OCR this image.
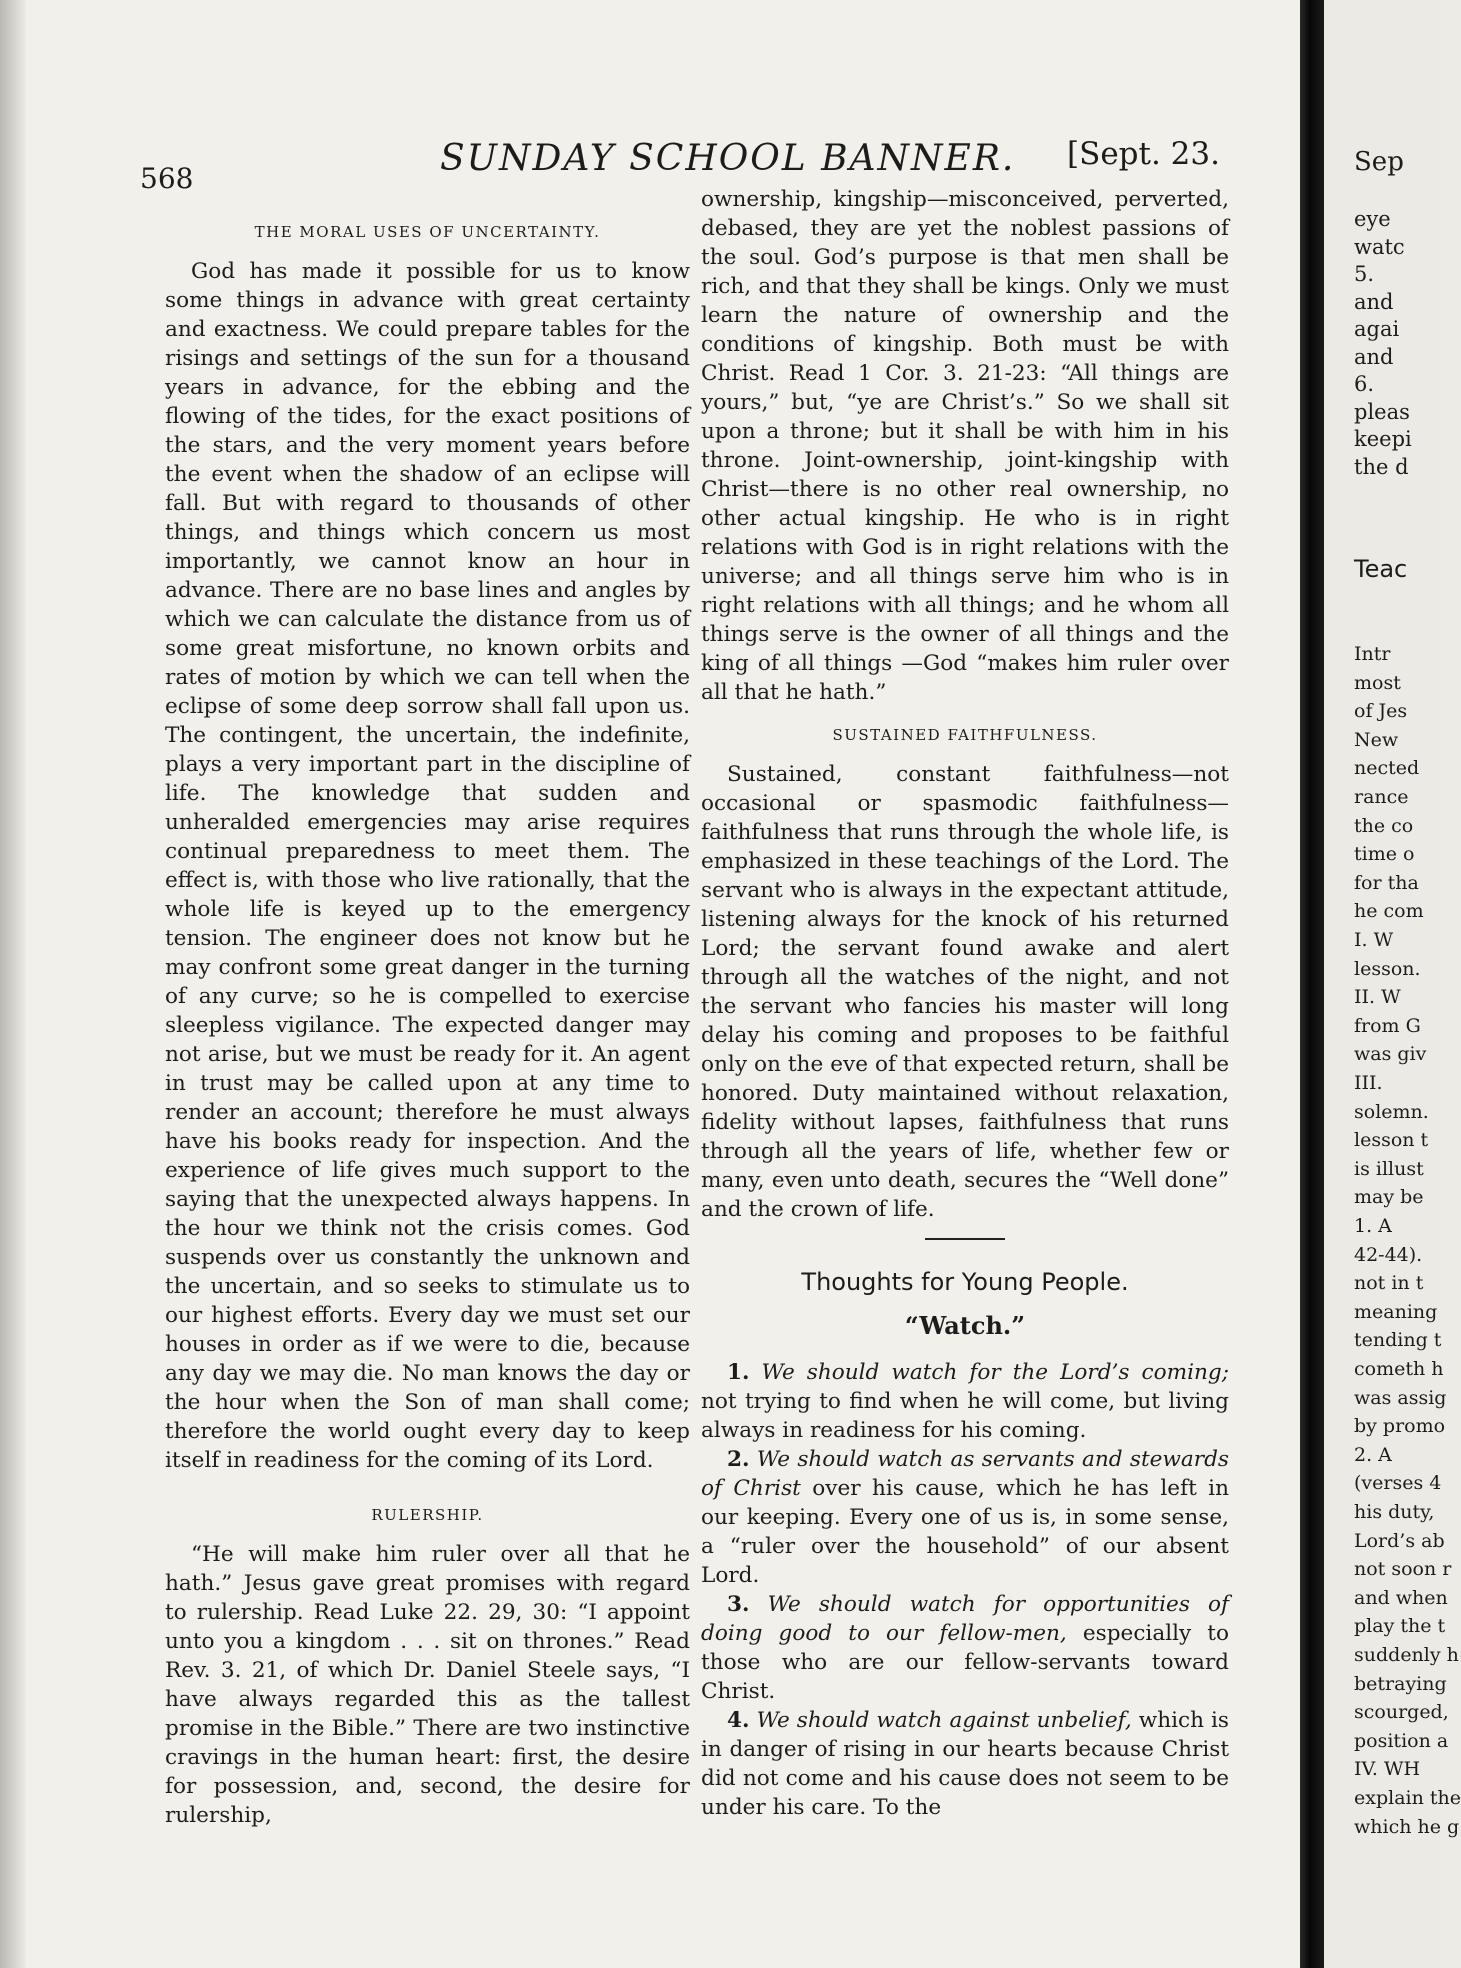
568	SUNDAY SCHOOL BANNER. [Sept. 23.
THE MORAL USES OF UNCERTAINTY.

God has made it possible for us to know some things in advance with great certainty and exactness. We could prepare tables for the risings and settings of the sun for a thousand years in advance, for the ebbing and the flowing of the tides, for the exact positions of the stars, and the very moment years before the event when the shadow of an eclipse will fall. But with regard to thousands of other things, and things which concern us most importantly, we cannot know an hour in advance. There are no base lines and angles by which we can calculate the distance from us of some great misfortune, no known orbits and rates of motion by which we can tell when the eclipse of some deep sorrow shall fall upon us. The contingent, the uncertain, the indefinite, plays a very important part in the discipline of life. The knowledge that sudden and unheralded emergencies may arise requires continual preparedness to meet them. The effect is, with those who live rationally, that the whole life is keyed up to the emergency tension. The engineer does not know but he may confront some great danger in the turning of any curve; so he is compelled to exercise sleepless vigilance. The expected danger may not arise, but we must be ready for it. An agent in trust may be called upon at any time to render an account; therefore he must always have his books ready for inspection. And the experience of life gives much support to the saying that the unexpected always happens. In the hour we think not the crisis comes. God suspends over us constantly the unknown and the uncertain, and so seeks to stimulate us to our highest efforts. Every day we must set our houses in order as if we were to die, because any day we may die. No man knows the day or the hour when the Son of man shall come; therefore the world ought every day to keep itself in readiness for the coming of its Lord.

RULERSHIP.

“He will make him ruler over all that he hath.” Jesus gave great promises with regard to rulership. Read Luke 22. 29, 30: “I appoint unto you a kingdom . . . sit on thrones.” Read Rev. 3. 21, of which Dr. Daniel Steele says, “I have always regarded this as the tallest promise in the Bible.” There are two instinctive cravings in the human heart: first, the desire for possession, and, second, the desire for rulership,

ownership, kingship—misconceived, perverted, debased, they are yet the noblest passions of the soul. God’s purpose is that men shall be rich, and that they shall be kings. Only we must learn the nature of ownership and the conditions of kingship. Both must be with Christ. Read 1 Cor. 3. 21-23: “All things are yours,” but, “ye are Christ’s.” So we shall sit upon a throne; but it shall be with him in his throne. Joint-ownership, joint-kingship with Christ—there is no other real ownership, no other actual kingship. He who is in right relations with God is in right relations with the universe; and all things serve him who is in right relations with all things; and he whom all things serve is the owner of all things and the king of all things —God “makes him ruler over all that he hath.”

SUSTAINED FAITHFULNESS.

Sustained, constant faithfulness—not occasional or spasmodic faithfulness—faithfulness that runs through the whole life, is emphasized in these teachings of the Lord. The servant who is always in the expectant attitude, listening always for the knock of his returned Lord; the servant found awake and alert through all the watches of the night, and not the servant who fancies his master will long delay his coming and proposes to be faithful only on the eve of that expected return, shall be honored. Duty maintained without relaxation, fidelity without lapses, faithfulness that runs through all the years of life, whether few or many, even unto death, secures the “Well done” and the crown of life.

Thoughts for Young People.
“Watch.”

1. We should watch for the Lord’s coming; not trying to find when he will come, but living always in readiness for his coming.

2. We should watch as servants and stewards of Christ over his cause, which he has left in our keeping. Every one of us is, in some sense, a “ruler over the household” of our absent Lord.

3. We should watch for opportunities of doing good to our fellow-men, especially to those who are our fellow-servants toward Christ.

4. We should watch against unbelief, which is in danger of rising in our hearts because Christ did not come and his cause does not seem to be under his care. To the

Sep
eye
watc
5.
and
agai
and
6.
pleas
keepi
the d
Teac
Intr
most
of Jes
New
nected
rance
the co
time o
for tha
he com
I. W
lesson.
II. W
from G
was giv
III.
solemn.
lesson t
is illust
may be
1. A
42-44).
not in t
meaning
tending t
cometh h
was assig
by promo
2. A
(verses 4
his duty,
Lord’s ab
not soon r
and when
play the t
suddenly h
betraying
scourged,
position a
IV. WH
explain the
which he g
